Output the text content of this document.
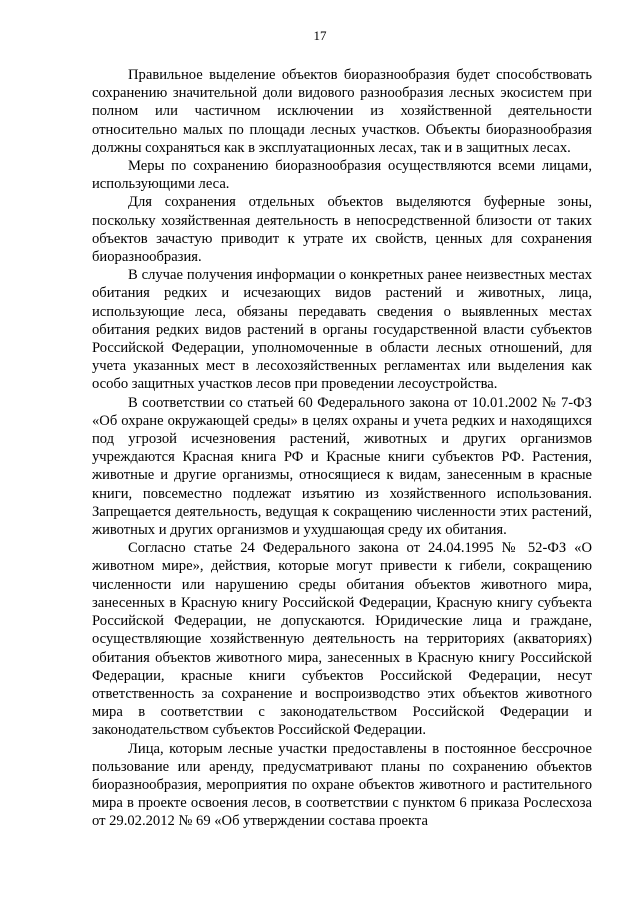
17

Правильное выделение объектов биоразнообразия будет способствовать сохранению значительной доли видового разнообразия лесных экосистем при полном или частичном исключении из хозяйственной деятельности относительно малых по площади лесных участков. Объекты биоразнообразия должны сохраняться как в эксплуатационных лесах, так и в защитных лесах.

Меры по сохранению биоразнообразия осуществляются всеми лицами, использующими леса.

Для сохранения отдельных объектов выделяются буферные зоны, поскольку хозяйственная деятельность в непосредственной близости от таких объектов зачастую приводит к утрате их свойств, ценных для сохранения биоразнообразия.

В случае получения информации о конкретных ранее неизвестных местах обитания редких и исчезающих видов растений и животных, лица, использующие леса, обязаны передавать сведения о выявленных местах обитания редких видов растений в органы государственной власти субъектов Российской Федерации, уполномоченные в области лесных отношений, для учета указанных мест в лесохозяйственных регламентах или выделения как особо защитных участков лесов при проведении лесоустройства.

В соответствии со статьей 60 Федерального закона от 10.01.2002 № 7-ФЗ «Об охране окружающей среды» в целях охраны и учета редких и находящихся под угрозой исчезновения растений, животных и других организмов учреждаются Красная книга РФ и Красные книги субъектов РФ. Растения, животные и другие организмы, относящиеся к видам, занесенным в красные книги, повсеместно подлежат изъятию из хозяйственного использования. Запрещается деятельность, ведущая к сокращению численности этих растений, животных и других организмов и ухудшающая среду их обитания.

Согласно статье 24 Федерального закона от 24.04.1995 № 52-ФЗ «О животном мире», действия, которые могут привести к гибели, сокращению численности или нарушению среды обитания объектов животного мира, занесенных в Красную книгу Российской Федерации, Красную книгу субъекта Российской Федерации, не допускаются. Юридические лица и граждане, осуществляющие хозяйственную деятельность на территориях (акваториях) обитания объектов животного мира, занесенных в Красную книгу Российской Федерации, красные книги субъектов Российской Федерации, несут ответственность за сохранение и воспроизводство этих объектов животного мира в соответствии с законодательством Российской Федерации и законодательством субъектов Российской Федерации.

Лица, которым лесные участки предоставлены в постоянное бессрочное пользование или аренду, предусматривают планы по сохранению объектов биоразнообразия, мероприятия по охране объектов животного и растительного мира в проекте освоения лесов, в соответствии с пунктом 6 приказа Рослесхоза от 29.02.2012 № 69 «Об утверждении состава проекта
